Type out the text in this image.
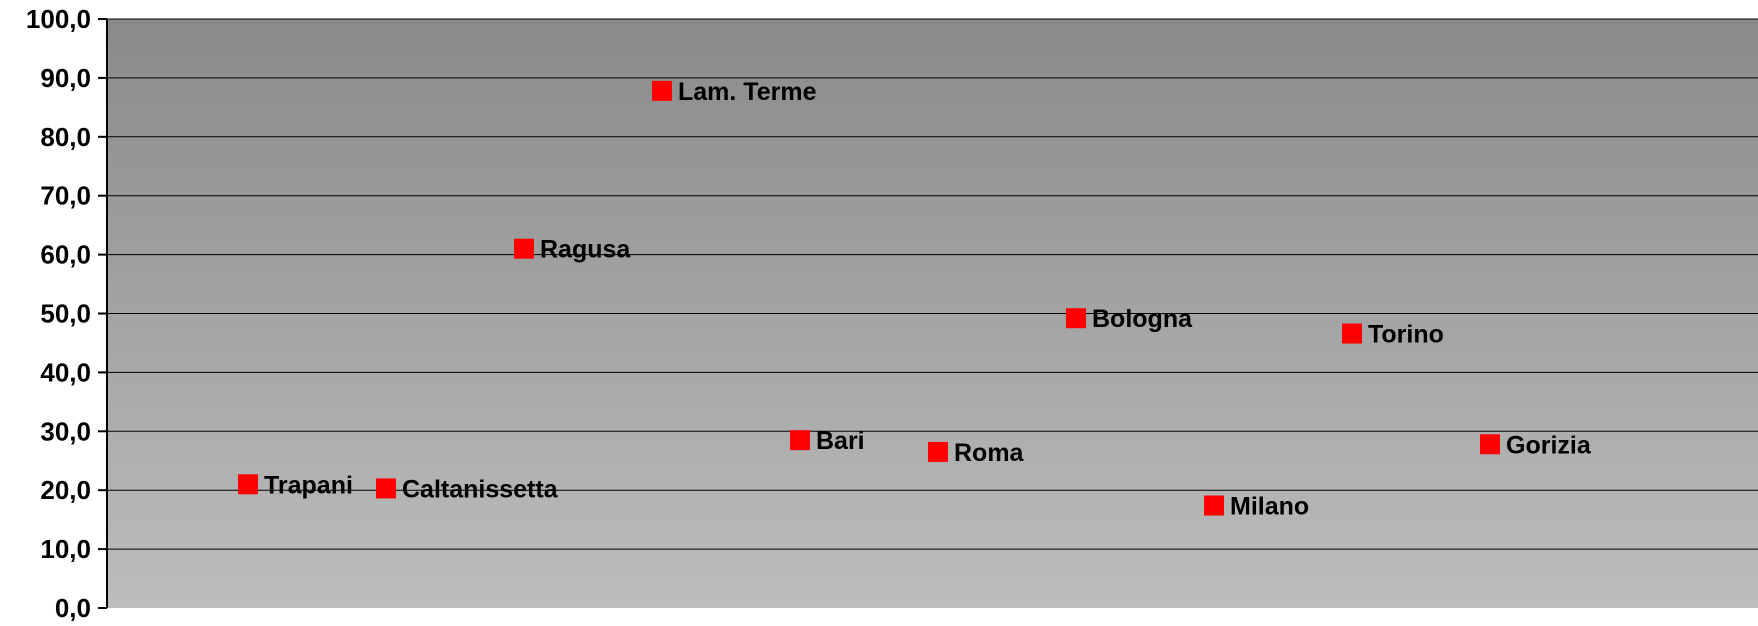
0,0
10,0
20,0
30,0
40,0
50,0
60,0
70,0
80,0
90,0
100,0
Trapani Caltanissetta
Ragusa
Lam. Terme
Bari	Roma
Bologna
Milano
Torino
Gorizia
